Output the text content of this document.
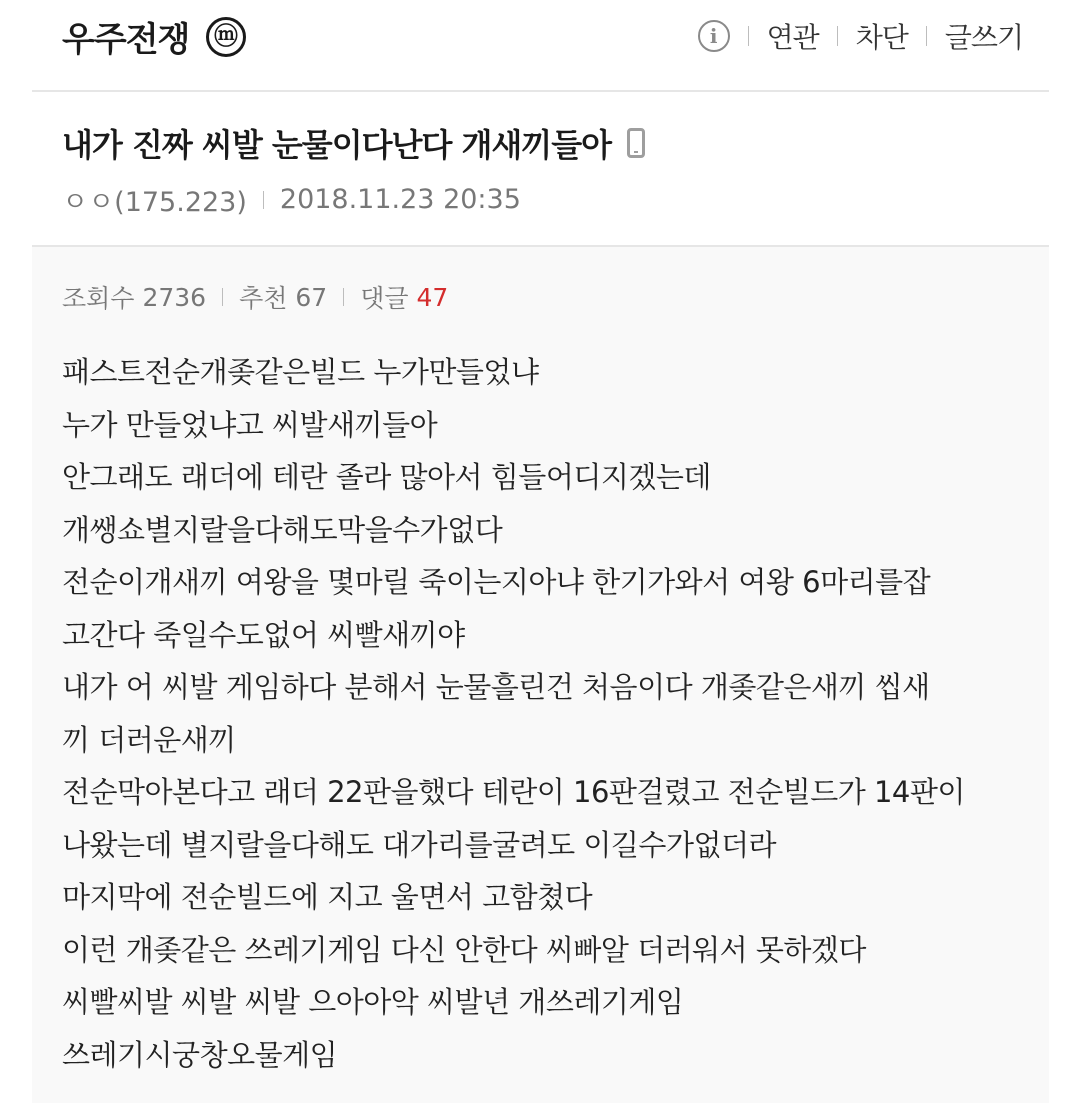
우주전쟁	ⓜ	i	연관 차단 글쓰기
내가 진짜 씨발 눈물이다난다 개새끼들아
ㅇㅇ(175.223) 2018.11.23 20:35
조회수 2736 추천 67 댓글 47
패스트전순개좆같은빌드 누가만들었냐
누가 만들었냐고 씨발새끼들아
안그래도 래더에 테란 졸라 많아서 힘들어디지겠는데
개쌩쇼별지랄을다해도막을수가없다
전순이개새끼 여왕을 몇마릴 죽이는지아냐 한기가와서 여왕 6마리를잡
고간다 죽일수도없어 씨빨새끼야
내가 어 씨발 게임하다 분해서 눈물흘린건 처음이다 개좆같은새끼 씹새
끼 더러운새끼
전순막아본다고 래더 22판을했다 테란이 16판걸렸고 전순빌드가 14판이
나왔는데 별지랄을다해도 대가리를굴려도 이길수가없더라
마지막에 전순빌드에 지고 울면서 고함쳤다
이런 개좆같은 쓰레기게임 다신 안한다 씨빠알 더러워서 못하겠다
씨빨씨발 씨발 씨발 으아아악 씨발년 개쓰레기게임
쓰레기시궁창오물게임
